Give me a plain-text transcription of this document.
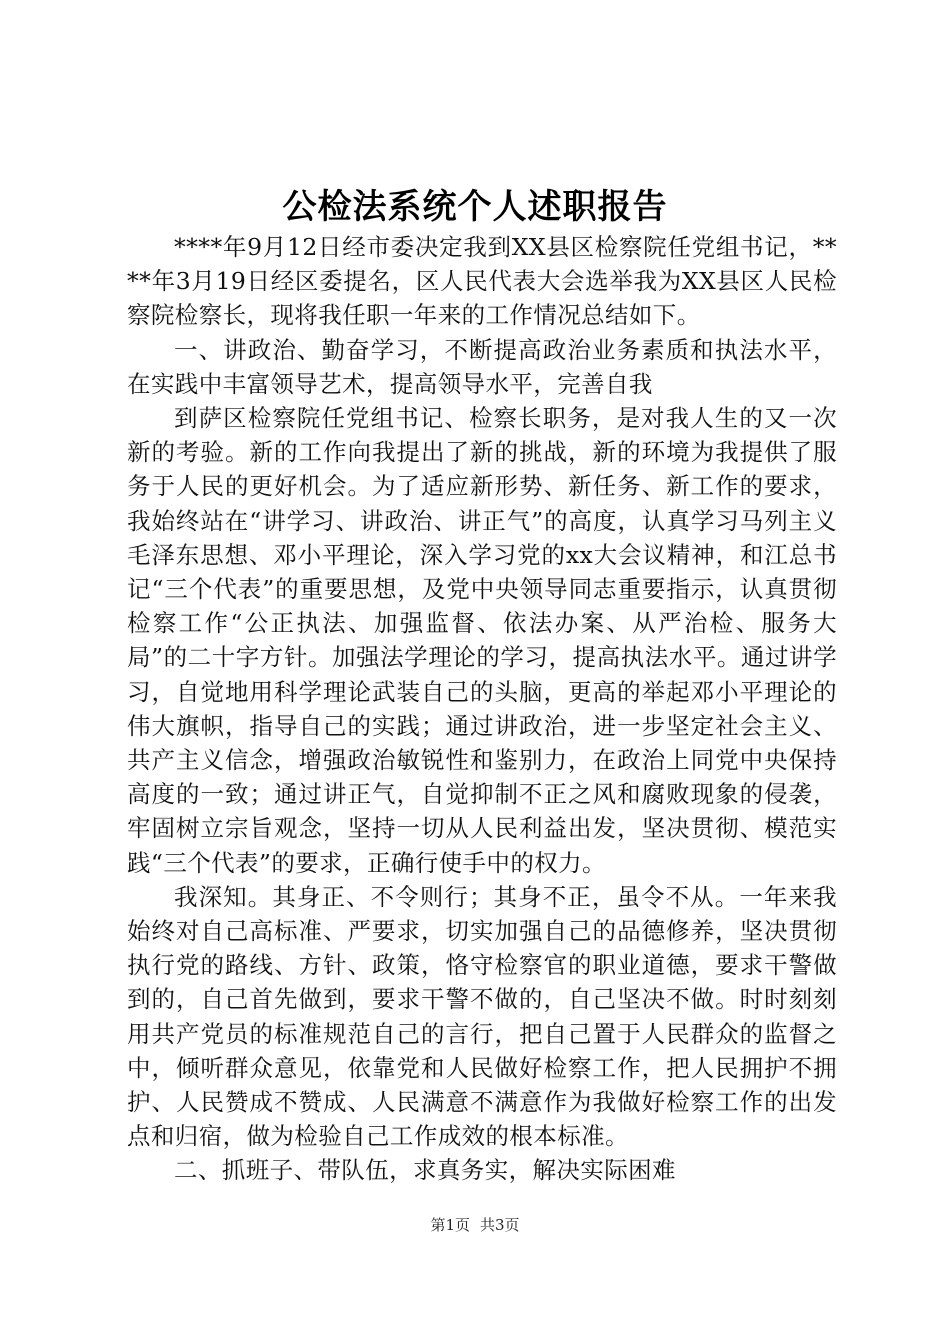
公检法系统个人述职报告

****年9月12日经市委决定我到XX县区检察院任党组书记，****年3月19日经区委提名，区人民代表大会选举我为XX县区人民检察院检察长，现将我任职一年来的工作情况总结如下。

一、讲政治、勤奋学习，不断提高政治业务素质和执法水平，在实践中丰富领导艺术，提高领导水平，完善自我

到萨区检察院任党组书记、检察长职务，是对我人生的又一次新的考验。新的工作向我提出了新的挑战，新的环境为我提供了服务于人民的更好机会。为了适应新形势、新任务、新工作的要求，我始终站在“讲学习、讲政治、讲正气”的高度，认真学习马列主义毛泽东思想、邓小平理论，深入学习党的xx大会议精神，和江总书记“三个代表”的重要思想，及党中央领导同志重要指示，认真贯彻检察工作“公正执法、加强监督、依法办案、从严治检、服务大局”的二十字方针。加强法学理论的学习，提高执法水平。通过讲学习，自觉地用科学理论武装自己的头脑，更高的举起邓小平理论的伟大旗帜，指导自己的实践；通过讲政治，进一步坚定社会主义、共产主义信念，增强政治敏锐性和鉴别力，在政治上同党中央保持高度的一致；通过讲正气，自觉抑制不正之风和腐败现象的侵袭，牢固树立宗旨观念，坚持一切从人民利益出发，坚决贯彻、模范实践“三个代表”的要求，正确行使手中的权力。

我深知。其身正、不令则行；其身不正，虽令不从。一年来我始终对自己高标准、严要求，切实加强自己的品德修养，坚决贯彻执行党的路线、方针、政策，恪守检察官的职业道德，要求干警做到的，自己首先做到，要求干警不做的，自己坚决不做。时时刻刻用共产党员的标准规范自己的言行，把自己置于人民群众的监督之中，倾听群众意见，依靠党和人民做好检察工作，把人民拥护不拥护、人民赞成不赞成、人民满意不满意作为我做好检察工作的出发点和归宿，做为检验自己工作成效的根本标准。

二、抓班子、带队伍，求真务实，解决实际困难

第1页 共3页
